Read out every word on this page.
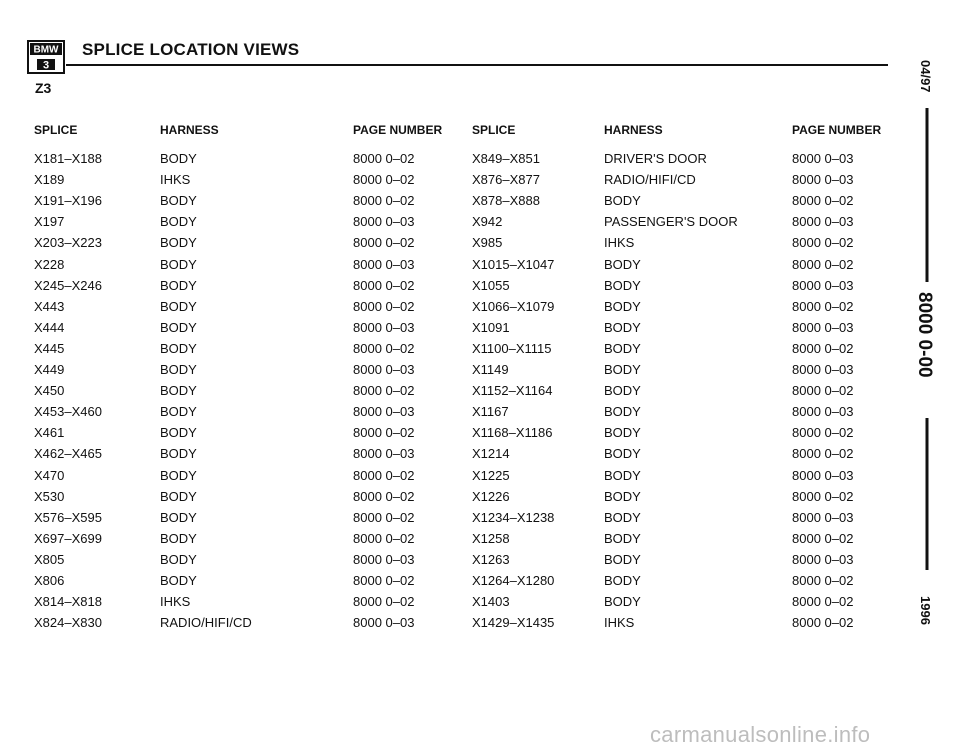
BMW
3
SPLICE LOCATION VIEWS
Z3
SPLICE
X181–X188
X189
X191–X196
X197
X203–X223
X228
X245–X246
X443
X444
X445
X449
X450
X453–X460
X461
X462–X465
X470
X530
X576–X595
X697–X699
X805
X806
X814–X818
X824–X830
HARNESS
BODY
IHKS
BODY
BODY
BODY
BODY
BODY
BODY
BODY
BODY
BODY
BODY
BODY
BODY
BODY
BODY
BODY
BODY
BODY
BODY
BODY
IHKS
RADIO/HIFI/CD
PAGE NUMBER
8000 0–02
8000 0–02
8000 0–02
8000 0–03
8000 0–02
8000 0–03
8000 0–02
8000 0–02
8000 0–03
8000 0–02
8000 0–03
8000 0–02
8000 0–03
8000 0–02
8000 0–03
8000 0–02
8000 0–02
8000 0–02
8000 0–02
8000 0–03
8000 0–02
8000 0–02
8000 0–03
SPLICE
X849–X851
X876–X877
X878–X888
X942
X985
X1015–X1047
X1055
X1066–X1079
X1091
X1100–X1115
X1149
X1152–X1164
X1167
X1168–X1186
X1214
X1225
X1226
X1234–X1238
X1258
X1263
X1264–X1280
X1403
X1429–X1435
HARNESS
DRIVER'S DOOR
RADIO/HIFI/CD
BODY
PASSENGER'S DOOR
IHKS
BODY
BODY
BODY
BODY
BODY
BODY
BODY
BODY
BODY
BODY
BODY
BODY
BODY
BODY
BODY
BODY
BODY
IHKS
PAGE NUMBER
8000 0–03
8000 0–03
8000 0–02
8000 0–03
8000 0–02
8000 0–02
8000 0–03
8000 0–02
8000 0–03
8000 0–02
8000 0–03
8000 0–02
8000 0–03
8000 0–02
8000 0–02
8000 0–03
8000 0–02
8000 0–03
8000 0–02
8000 0–03
8000 0–02
8000 0–02
8000 0–02
04/97
8000 0-00
1996
carmanualsonline.info
